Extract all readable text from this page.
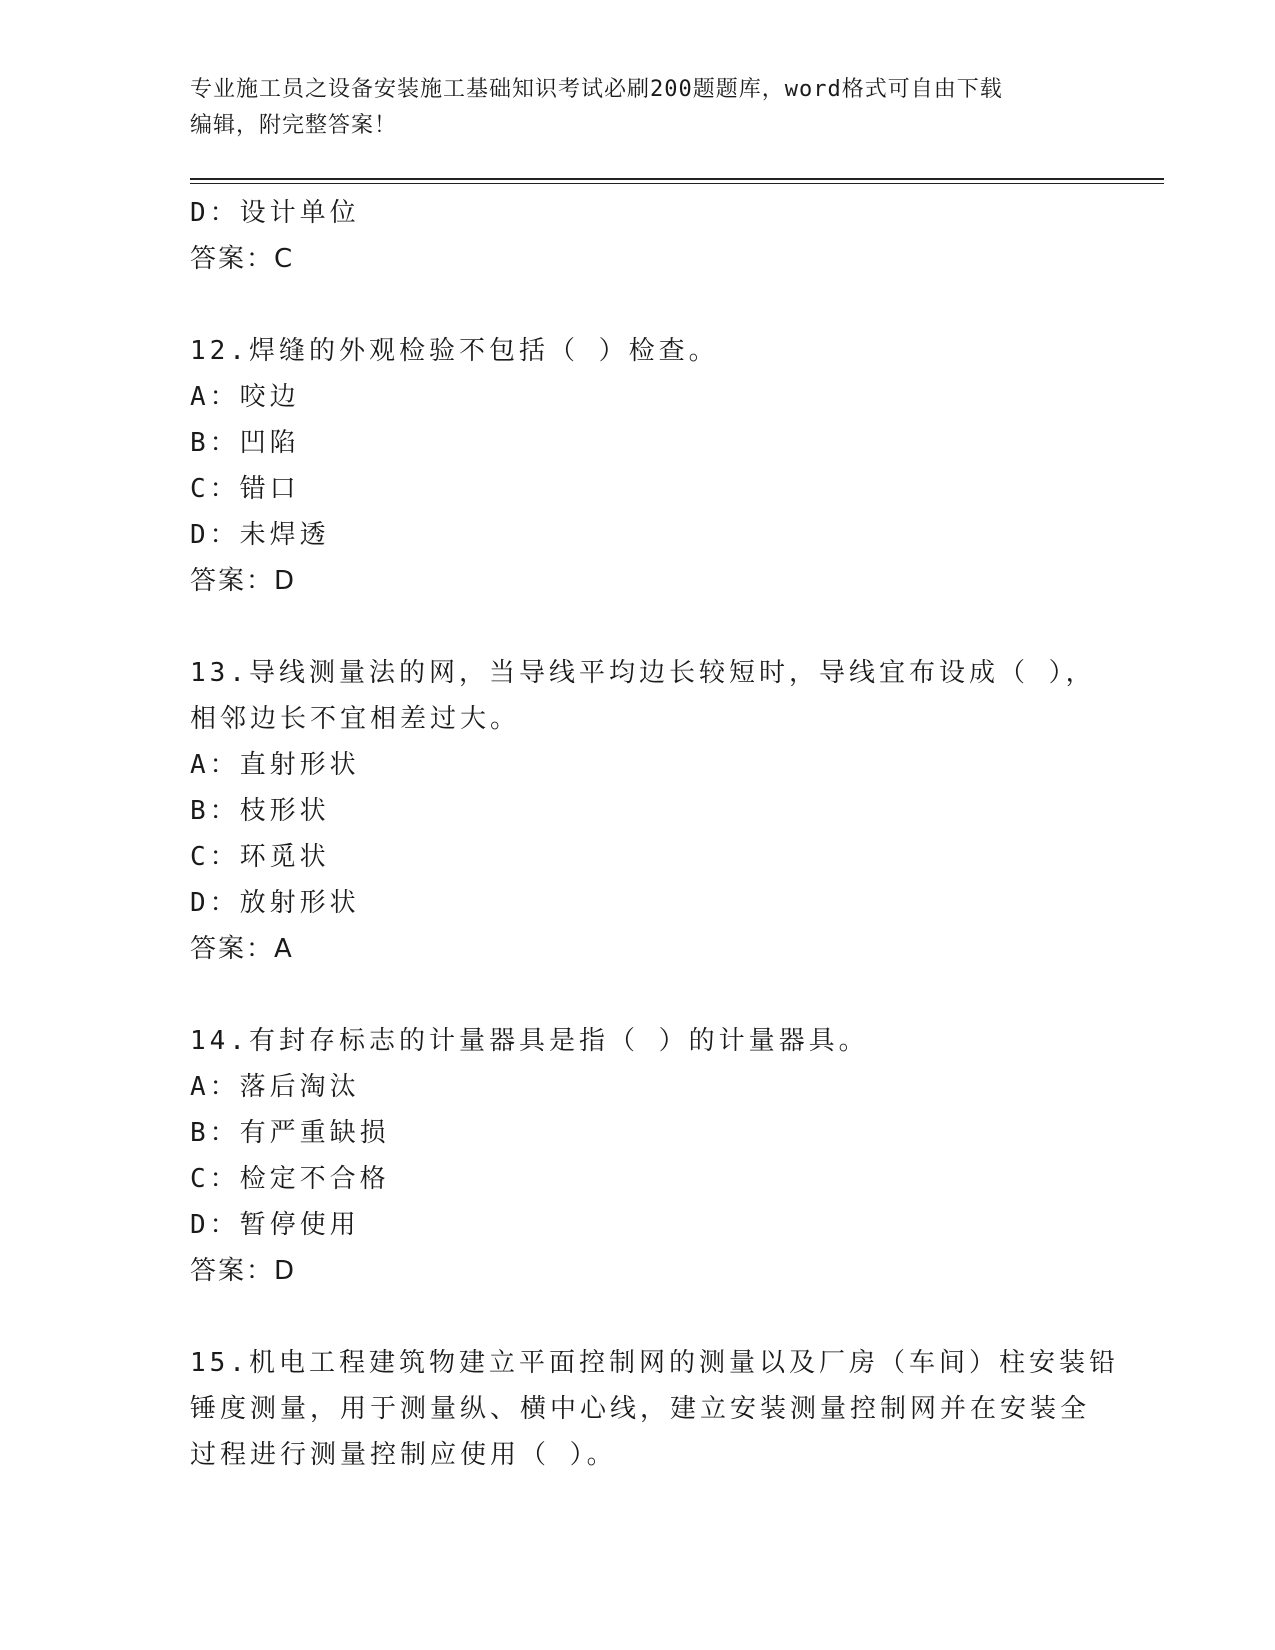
专业施工员之设备安装施工基础知识考试必刷200题题库，word格式可自由下载
编辑，附完整答案！
D：设计单位
答案：C
12.焊缝的外观检验不包括（ ）检查。
A：咬边
B：凹陷
C：错口
D：未焊透
答案：D
13.导线测量法的网，当导线平均边长较短时，导线宜布设成（ ），
相邻边长不宜相差过大。
A：直射形状
B：枝形状
C：环觅状
D：放射形状
答案：A
14.有封存标志的计量器具是指（ ）的计量器具。
A：落后淘汰
B：有严重缺损
C：检定不合格
D：暂停使用
答案：D
15.机电工程建筑物建立平面控制网的测量以及厂房（车间）柱安装铅
锤度测量，用于测量纵、横中心线，建立安装测量控制网并在安装全
过程进行测量控制应使用（ ）。
